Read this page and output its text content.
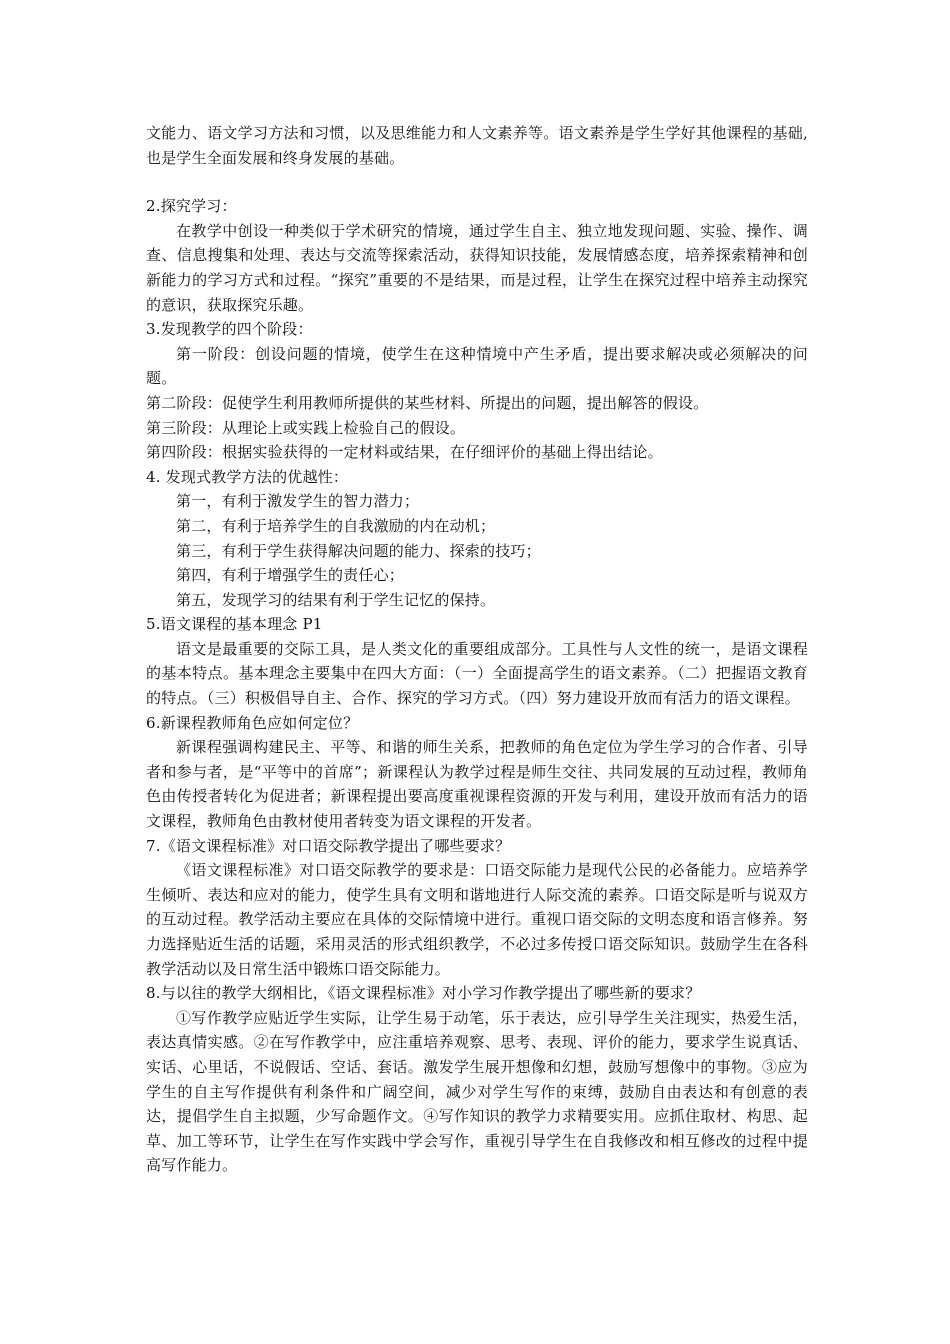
文能力、语文学习方法和习惯，以及思维能力和人文素养等。语文素养是学生学好其他课程的基础,也是学生全面发展和终身发展的基础。

2.探究学习：

在教学中创设一种类似于学术研究的情境，通过学生自主、独立地发现问题、实验、操作、调查、信息搜集和处理、表达与交流等探索活动，获得知识技能，发展情感态度，培养探索精神和创新能力的学习方式和过程。“探究”重要的不是结果，而是过程，让学生在探究过程中培养主动探究的意识，获取探究乐趣。

3.发现教学的四个阶段：

第一阶段：创设问题的情境，使学生在这种情境中产生矛盾，提出要求解决或必须解决的问题。

第二阶段：促使学生利用教师所提供的某些材料、所提出的问题，提出解答的假设。

第三阶段：从理论上或实践上检验自己的假设。

第四阶段：根据实验获得的一定材料或结果，在仔细评价的基础上得出结论。

4. 发现式教学方法的优越性：

第一，有利于激发学生的智力潜力；

第二，有利于培养学生的自我激励的内在动机；

第三，有利于学生获得解决问题的能力、探索的技巧；

第四，有利于增强学生的责任心；

第五，发现学习的结果有利于学生记忆的保持。

5.语文课程的基本理念 P1

语文是最重要的交际工具，是人类文化的重要组成部分。工具性与人文性的统一，是语文课程的基本特点。基本理念主要集中在四大方面：（一）全面提高学生的语文素养。（二）把握语文教育的特点。（三）积极倡导自主、合作、探究的学习方式。（四）努力建设开放而有活力的语文课程。

6.新课程教师角色应如何定位？

新课程强调构建民主、平等、和谐的师生关系，把教师的角色定位为学生学习的合作者、引导者和参与者，是“平等中的首席”；新课程认为教学过程是师生交往、共同发展的互动过程，教师角色由传授者转化为促进者；新课程提出要高度重视课程资源的开发与利用，建设开放而有活力的语文课程，教师角色由教材使用者转变为语文课程的开发者。

7.《语文课程标准》对口语交际教学提出了哪些要求？

《语文课程标准》对口语交际教学的要求是：口语交际能力是现代公民的必备能力。应培养学生倾听、表达和应对的能力，使学生具有文明和谐地进行人际交流的素养。口语交际是听与说双方的互动过程。教学活动主要应在具体的交际情境中进行。重视口语交际的文明态度和语言修养。努力选择贴近生活的话题，采用灵活的形式组织教学，不必过多传授口语交际知识。鼓励学生在各科教学活动以及日常生活中锻炼口语交际能力。

8.与以往的教学大纲相比，《语文课程标准》对小学习作教学提出了哪些新的要求？

①写作教学应贴近学生实际，让学生易于动笔，乐于表达，应引导学生关注现实，热爱生活，表达真情实感。②在写作教学中，应注重培养观察、思考、表现、评价的能力，要求学生说真话、实话、心里话，不说假话、空话、套话。激发学生展开想像和幻想，鼓励写想像中的事物。③应为学生的自主写作提供有利条件和广阔空间，减少对学生写作的束缚，鼓励自由表达和有创意的表达，提倡学生自主拟题，少写命题作文。④写作知识的教学力求精要实用。应抓住取材、构思、起草、加工等环节，让学生在写作实践中学会写作，重视引导学生在自我修改和相互修改的过程中提高写作能力。
